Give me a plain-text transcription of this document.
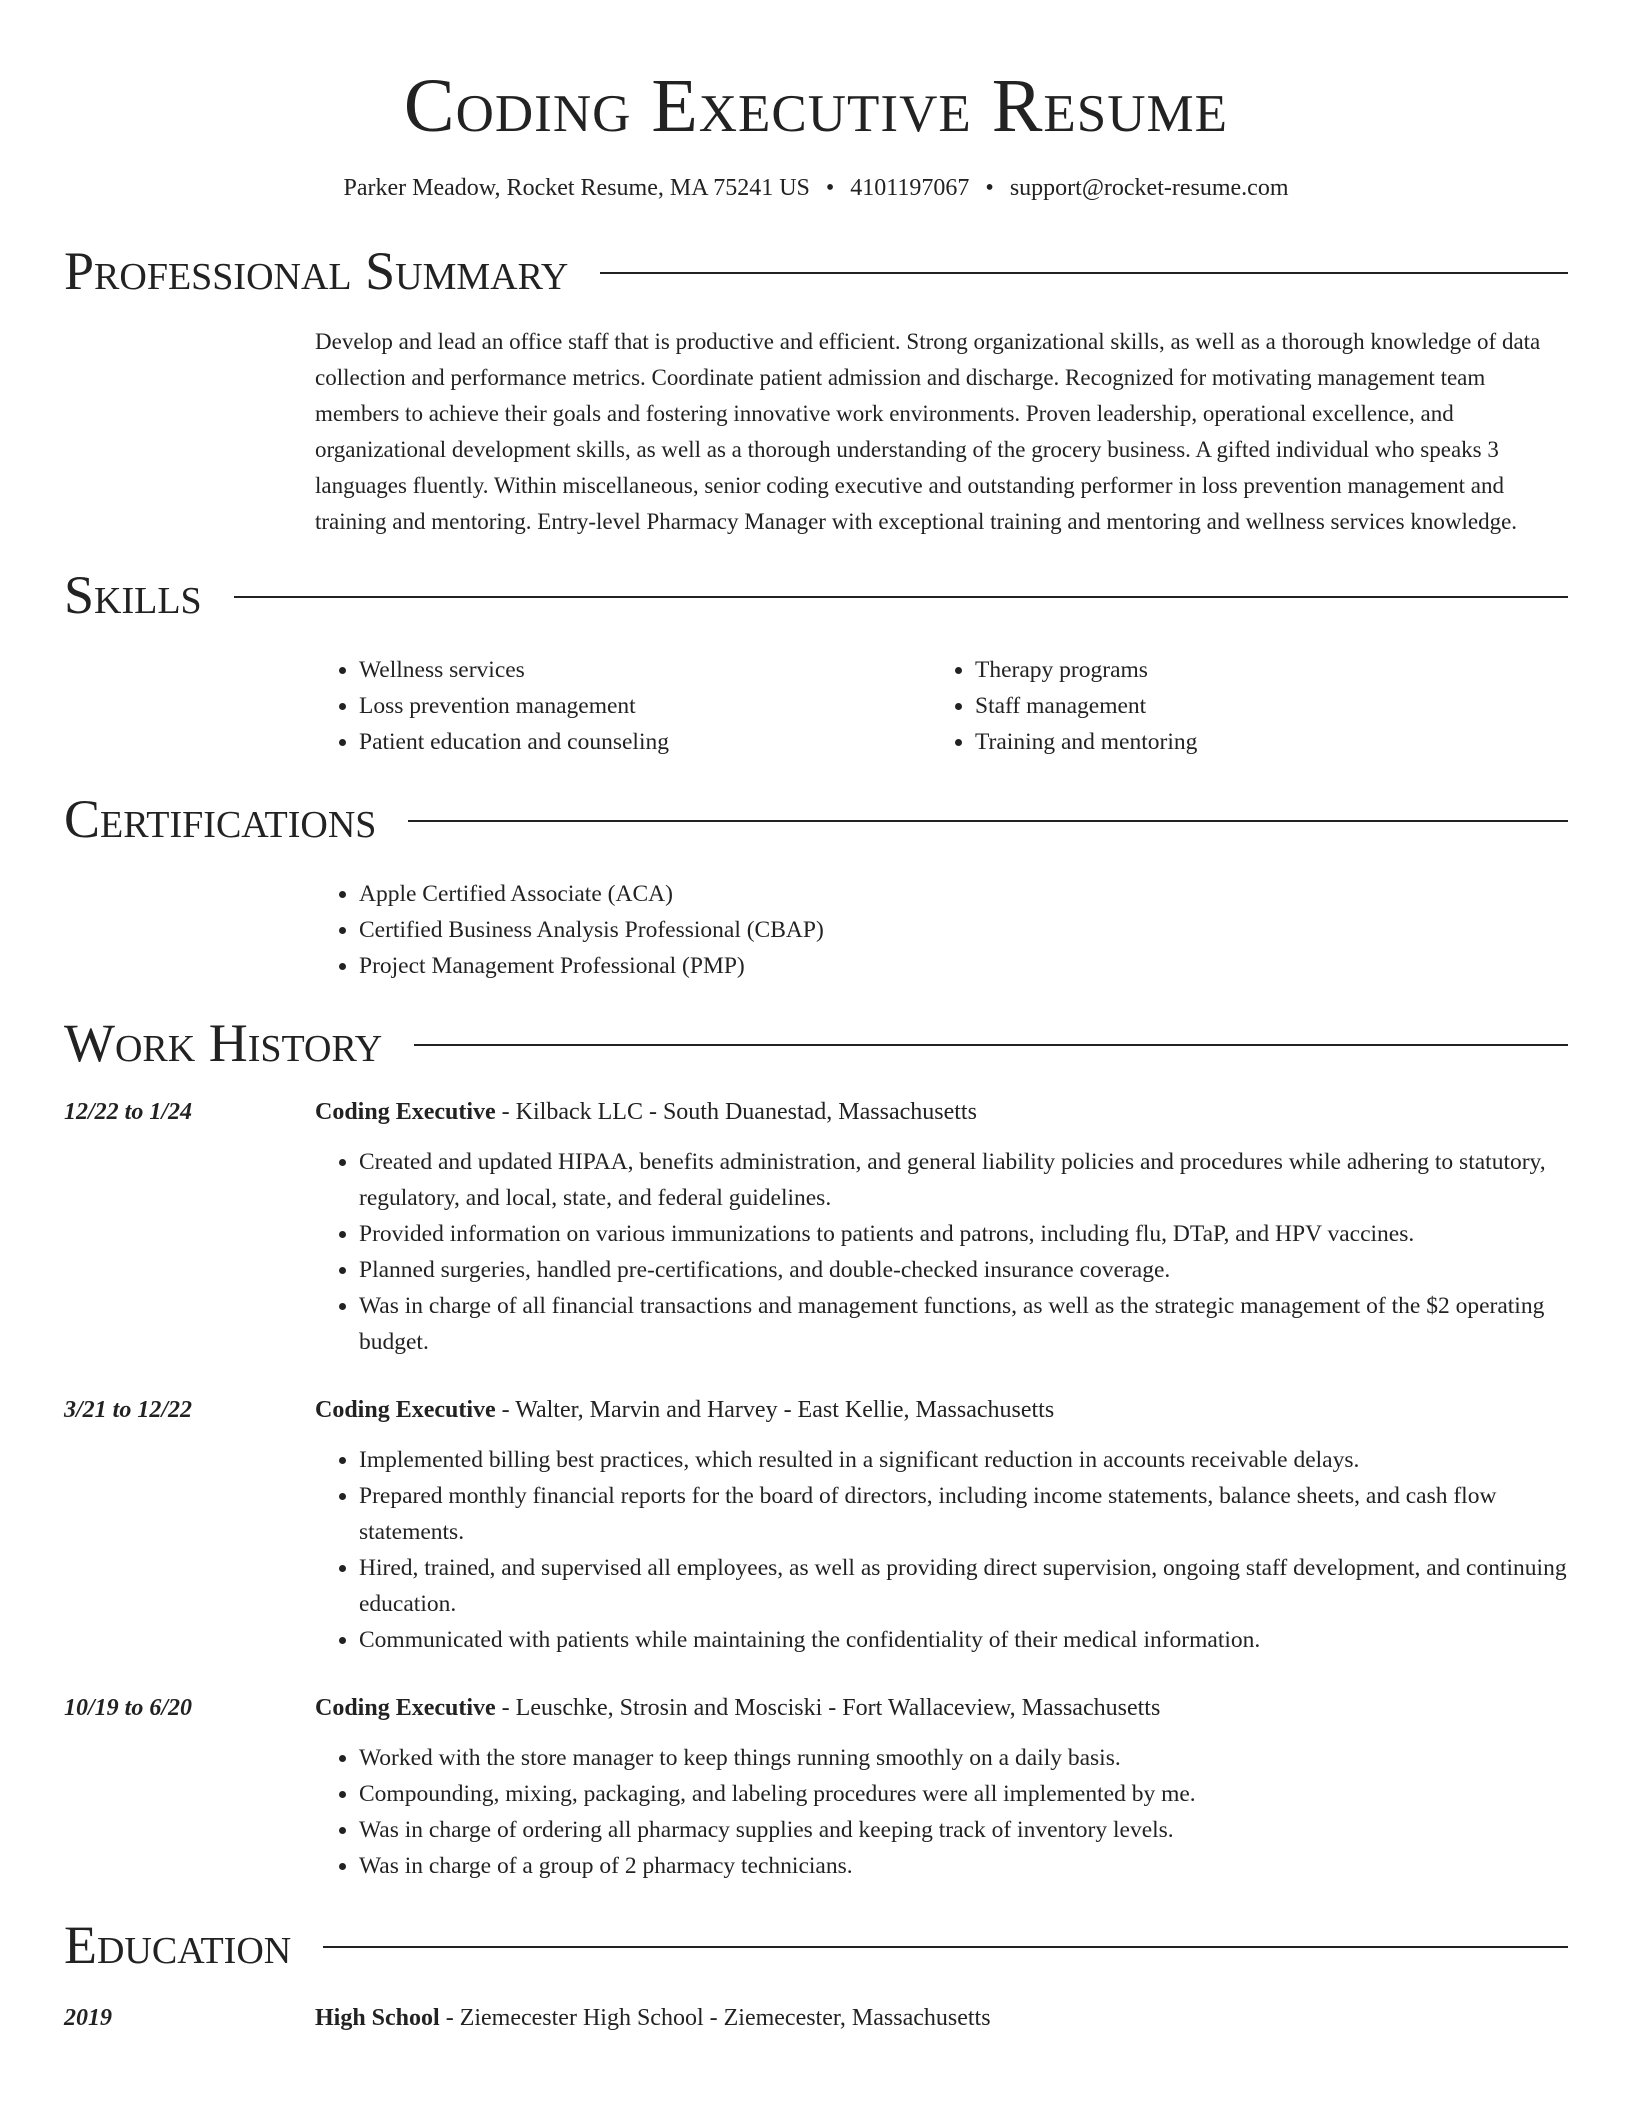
Coding Executive Resume
Parker Meadow, Rocket Resume, MA 75241 US • 4101197067 • support@rocket-resume.com
Professional Summary
Develop and lead an office staff that is productive and efficient. Strong organizational skills, as well as a thorough knowledge of data collection and performance metrics. Coordinate patient admission and discharge. Recognized for motivating management team members to achieve their goals and fostering innovative work environments. Proven leadership, operational excellence, and organizational development skills, as well as a thorough understanding of the grocery business. A gifted individual who speaks 3 languages fluently. Within miscellaneous, senior coding executive and outstanding performer in loss prevention management and training and mentoring. Entry-level Pharmacy Manager with exceptional training and mentoring and wellness services knowledge.
Skills
• Wellness services
• Loss prevention management
• Patient education and counseling
• Therapy programs
• Staff management
• Training and mentoring
Certifications
• Apple Certified Associate (ACA)
• Certified Business Analysis Professional (CBAP)
• Project Management Professional (PMP)
Work History
12/22 to 1/24	Coding Executive - Kilback LLC - South Duanestad, Massachusetts
• Created and updated HIPAA, benefits administration, and general liability policies and procedures while adhering to statutory, regulatory, and local, state, and federal guidelines.
• Provided information on various immunizations to patients and patrons, including flu, DTaP, and HPV vaccines.
• Planned surgeries, handled pre-certifications, and double-checked insurance coverage.
• Was in charge of all financial transactions and management functions, as well as the strategic management of the $2 operating budget.
3/21 to 12/22	Coding Executive - Walter, Marvin and Harvey - East Kellie, Massachusetts
• Implemented billing best practices, which resulted in a significant reduction in accounts receivable delays.
• Prepared monthly financial reports for the board of directors, including income statements, balance sheets, and cash flow statements.
• Hired, trained, and supervised all employees, as well as providing direct supervision, ongoing staff development, and continuing education.
• Communicated with patients while maintaining the confidentiality of their medical information.
10/19 to 6/20	Coding Executive - Leuschke, Strosin and Mosciski - Fort Wallaceview, Massachusetts
• Worked with the store manager to keep things running smoothly on a daily basis.
• Compounding, mixing, packaging, and labeling procedures were all implemented by me.
• Was in charge of ordering all pharmacy supplies and keeping track of inventory levels.
• Was in charge of a group of 2 pharmacy technicians.
Education
2019	High School - Ziemecester High School - Ziemecester, Massachusetts
